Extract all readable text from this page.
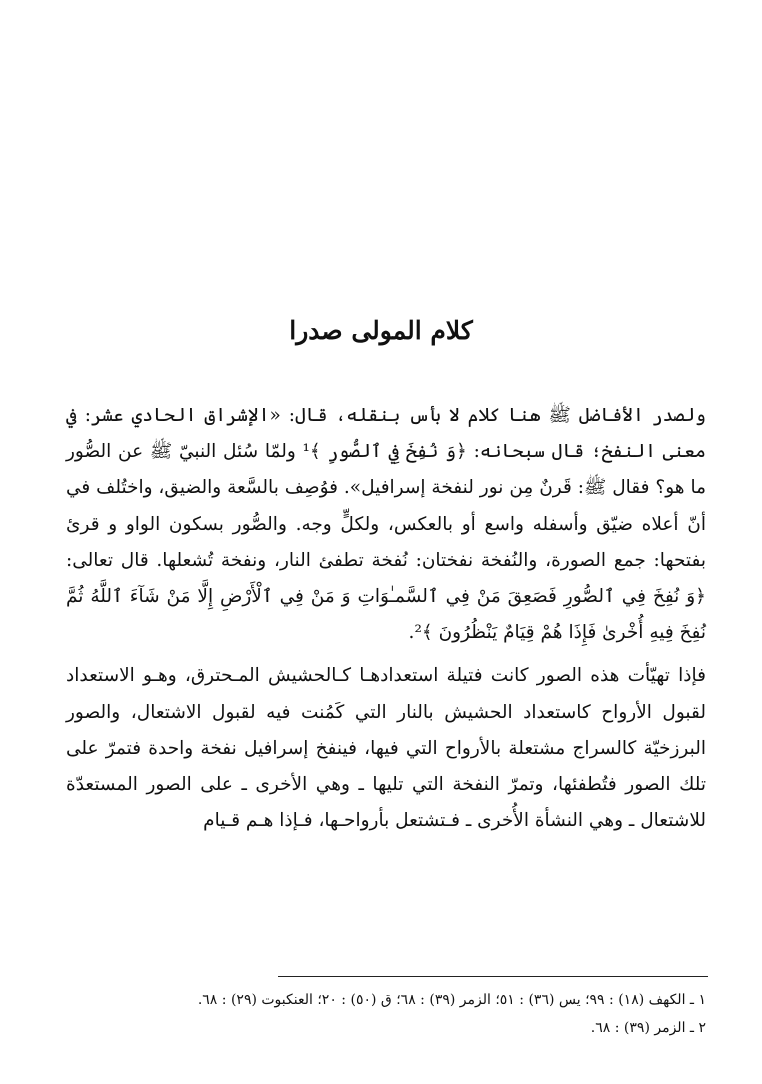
كلام المولى صدرا

ولصدر الأفاضل ﷺ هنا كلام لا بأس بنقله، قال: «الإشراق الحادي عشر: في معنى النفخ؛ قال سبحانه: ﴿وَ نُفِخَ فِي ٱلصُّورِ ﴾¹ ولمّا سُئل النبيّ ﷺ عن الصُّور ما هو؟ فقال ﷺ: قَرنٌ مِن نور لنفخة إسرافيل». فوُصِف بالسَّعة والضيق، واختُلف في أنّ أعلاه ضيّق وأسفله واسع أو بالعكس، ولكلٍّ وجه. والصُّور بسكون الواو و قرئ بفتحها: جمع الصورة، والنُفخة نفختان: نُفخة تطفئ النار، ونفخة تُشعلها. قال تعالى: ﴿وَ نُفِخَ فِي ٱلصُّورِ فَصَعِقَ مَنْ فِي ٱلسَّمـٰوَاتِ وَ مَنْ فِي ٱلْأَرْضِ إِلَّا مَنْ شَآءَ ٱللَّهُ ثُمَّ نُفِخَ فِيهِ أُخْرىٰ فَإِذَا هُمْ قِيَامٌ يَنْظُرُونَ ﴾².

فإذا تهيّأت هذه الصور كانت فتيلة استعدادهـا كـالحشيش المـحترق، وهـو الاستعداد لقبول الأرواح كاستعداد الحشيش بالنار التي كَمُنت فيه لقبول الاشتعال، والصور البرزخيّة كالسراج مشتعلة بالأرواح التي فيها، فينفخ إسرافيل نفخة واحدة فتمرّ على تلك الصور فتُطفئها، وتمرّ النفخة التي تليها ـ وهي الأخرى ـ على الصور المستعدّة للاشتعال ـ وهي النشأة الأُخرى ـ فـتشتعل بأرواحـها، فـإذا هـم قـيام

١ ـ الكهف (١٨) : ٩٩؛ يس (٣٦) : ٥١؛ الزمر (٣٩) : ٦٨؛ ق (٥٠) : ٢٠؛ العنكبوت (٢٩) : ٦٨.
٢ ـ الزمر (٣٩) : ٦٨.
